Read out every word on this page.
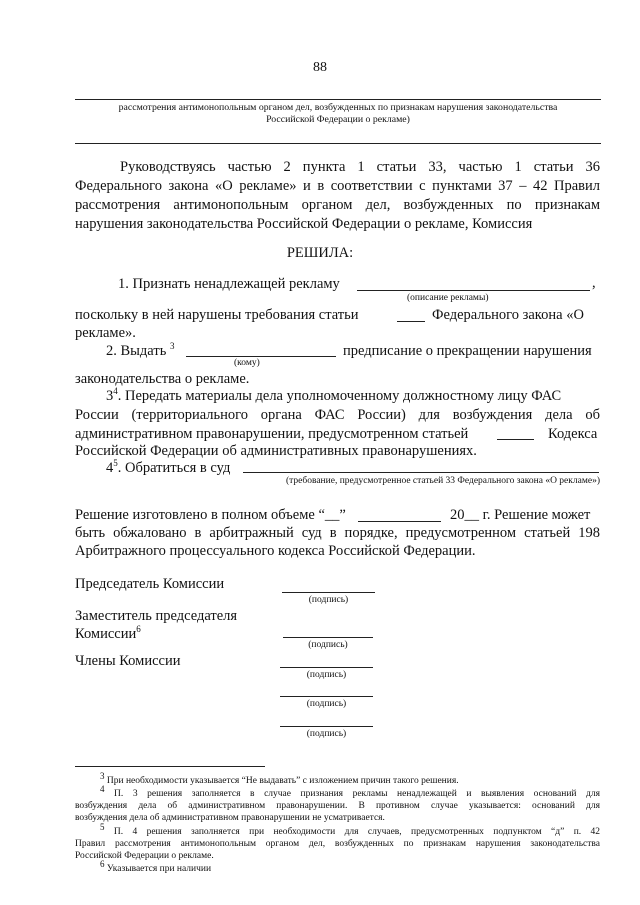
88
рассмотрения антимонопольным органом дел, возбужденных по признакам нарушения законодательства
Российской Федерации о рекламе)
Руководствуясь частью 2 пункта 1 статьи 33, частью 1 статьи 36
Федерального закона «О рекламе» и в соответствии с пунктами 37 – 42 Правил
рассмотрения антимонопольным органом дел, возбужденных по признакам
нарушения законодательства Российской Федерации о рекламе, Комиссия
РЕШИЛА:
1. Признать ненадлежащей рекламу	,
(описание рекламы)
поскольку в ней нарушены требования статьи	Федерального закона «О
рекламе».
2. Выдать $^3$	предписание о прекращении нарушения
(кому)
законодательства о рекламе.
$3^4$. Передать материалы дела уполномоченному должностному лицу ФАС
России (территориального органа ФАС России) для возбуждения дела об
административном правонарушении, предусмотренном статьей	Кодекса
Российской Федерации об административных правонарушениях.
$4^5$. Обратиться в суд
(требование, предусмотренное статьей 33 Федерального закона «О рекламе»)
Решение изготовлено в полном объеме “__”	20__ г. Решение может
быть обжаловано в арбитражный суд в порядке, предусмотренном статьей 198
Арбитражного процессуального кодекса Российской Федерации.
Председатель Комиссии
(подпись)
Заместитель председателя
Комиссии$^6$
(подпись)
Члены Комиссии
(подпись)
(подпись)
(подпись)
$^3$ При необходимости указывается “Не выдавать” с изложением причин такого решения.
$^4$ П. 3 решения заполняется в случае признания рекламы ненадлежащей и выявления оснований для
возбуждения дела об административном правонарушении. В противном случае указывается: оснований для
возбуждения дела об административном правонарушении не усматривается.
$^5$ П. 4 решения заполняется при необходимости для случаев, предусмотренных подпунктом “д” п. 42
Правил рассмотрения антимонопольным органом дел, возбужденных по признакам нарушения законодательства
Российской Федерации о рекламе.
$^6$ Указывается при наличии
